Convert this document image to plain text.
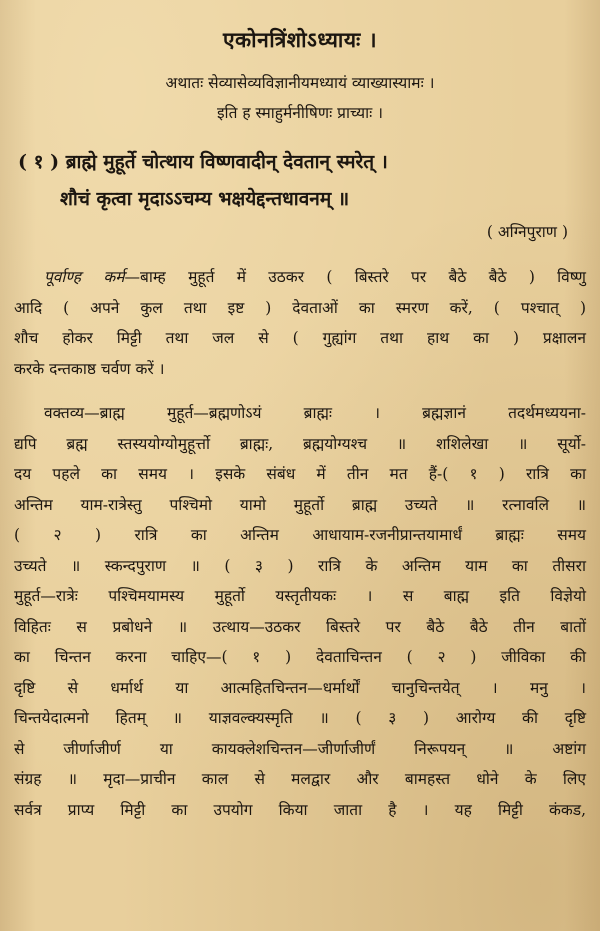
एकोनत्रिंशोऽध्यायः ।
अथातः सेव्यासेव्यविज्ञानीयमध्यायं व्याख्यास्यामः ।
इति ह स्माहुर्मनीषिणः प्राच्याः ।
( १ ) ब्राह्मे मुहूर्ते चोत्थाय विष्णवादीन् देवतान् स्मरेत् ।
शौचं कृत्वा मृदाऽऽचम्य भक्षयेद्दन्तधावनम् ॥
( अग्निपुराण )
पूर्वाण्ह कर्म—बाम्ह मुहूर्त में उठकर ( बिस्तरे पर बैठे बैठे ) विष्णु
आदि ( अपने कुल तथा इष्ट ) देवताओं का स्मरण करें, ( पश्चात् )
शौच होकर मिट्टी तथा जल से ( गुह्यांग तथा हाथ का ) प्रक्षालन
करके दन्तकाष्ठ चर्वण करें ।
वक्तव्य—ब्राह्म मुहूर्त—ब्रह्मणोऽयं ब्राह्मः । ब्रह्मज्ञानं तदर्थमध्ययना-
द्यपि ब्रह्म स्तस्ययोग्योमुहूर्त्तो ब्राह्मः, ब्रह्मयोग्यश्च ॥ शशिलेखा ॥ सूर्यो-
दय पहले का समय । इसके संबंध में तीन मत हैं-( १ ) रात्रि का
अन्तिम याम-रात्रेस्तु पश्चिमो यामो मुहूर्तो ब्राह्म उच्यते ॥ रत्नावलि ॥
( २ ) रात्रि का अन्तिम आधायाम-रजनीप्रान्तयामार्धं ब्राह्मः समय
उच्यते ॥ स्कन्दपुराण ॥ ( ३ ) रात्रि के अन्तिम याम का तीसरा
मुहूर्त—रात्रेः पश्चिमयामस्य मुहूर्तो यस्तृतीयकः । स बाह्म इति विज्ञेयो
विहितः स प्रबोधने ॥ उत्थाय—उठकर बिस्तरे पर बैठे बैठे तीन बातों
का चिन्तन करना चाहिए—( १ ) देवताचिन्तन ( २ ) जीविका की
दृष्टि से धर्मार्थ या आत्महितचिन्तन—धर्मार्थों चानुचिन्तयेत् । मनु ।
चिन्तयेदात्मनो हितम् ॥ याज्ञवल्क्यस्मृति ॥ ( ३ ) आरोग्य की दृष्टि
से जीर्णाजीर्ण या कायक्लेशचिन्तन—जीर्णाजीर्णं निरूपयन् ॥ अष्टांग
संग्रह ॥ मृदा—प्राचीन काल से मलद्वार और बामहस्त धोने के लिए
सर्वत्र प्राप्य मिट्टी का उपयोग किया जाता है । यह मिट्टी कंकड,
